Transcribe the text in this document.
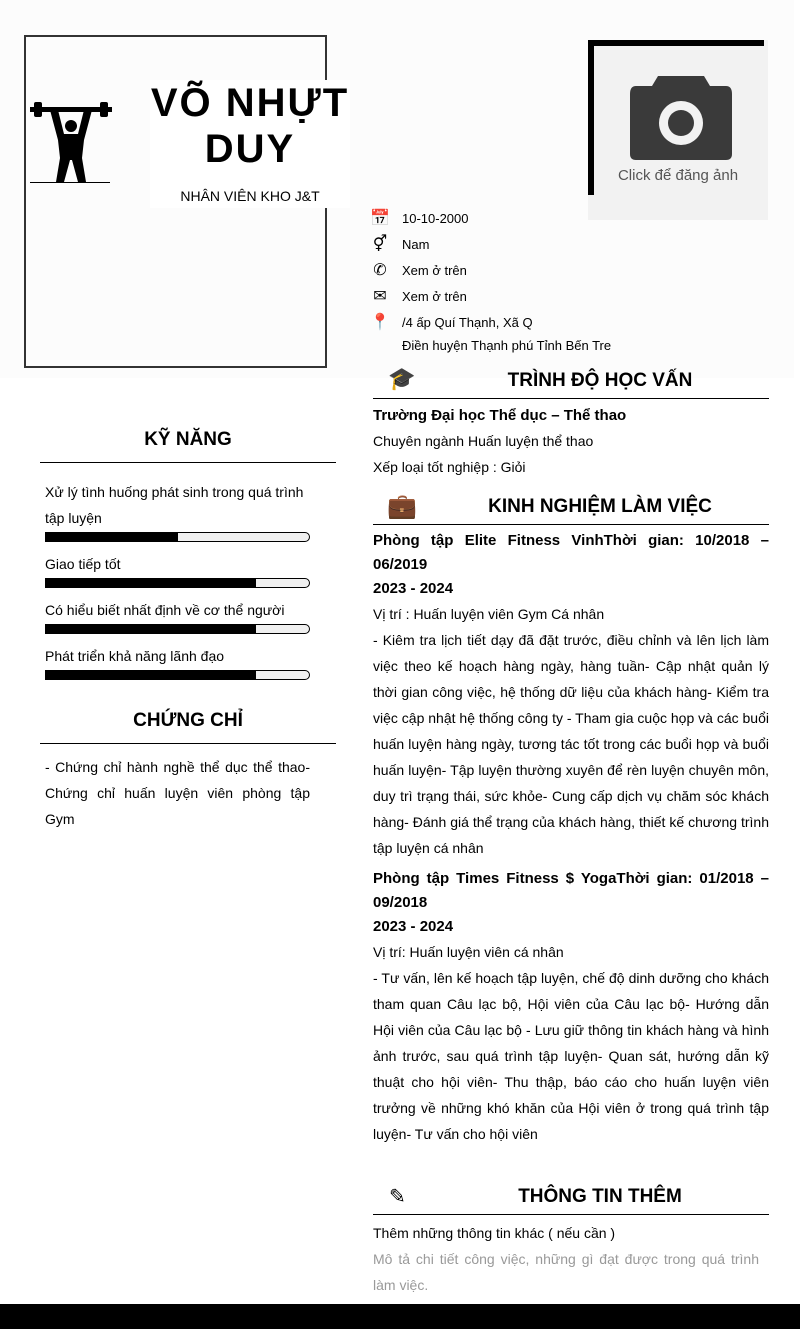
VÕ NHỰT DUY
NHÂN VIÊN KHO J&T
Click để đăng ảnh
📅 10-10-2000
⚥ Nam
✆ Xem ở trên
✉ Xem ở trên
📍 /4 ấp Quí Thạnh, Xã Q
Điền huyện Thạnh phú Tỉnh Bến Tre
🎓	TRÌNH ĐỘ HỌC VẤN
Trường Đại học Thể dục – Thể thao
Chuyên ngành Huấn luyện thể thao
Xếp loại tốt nghiệp : Giỏi
KỸ NĂNG
Xử lý tình huống phát sinh trong quá trình tập luyện
Giao tiếp tốt
Có hiểu biết nhất định về cơ thể người
Phát triển khả năng lãnh đạo
CHỨNG CHỈ
- Chứng chỉ hành nghề thể dục thể thao- Chứng chỉ huấn luyện viên phòng tập Gym
💼	KINH NGHIỆM LÀM VIỆC
Phòng tập Elite Fitness VinhThời gian: 10/2018 – 06/2019
2023 - 2024
Vị trí : Huấn luyện viên Gym Cá nhân
- Kiêm tra lịch tiết dạy đã đặt trước, điều chỉnh và lên lịch làm việc theo kế hoạch hàng ngày, hàng tuần- Cập nhật quản lý thời gian công việc, hệ thống dữ liệu của khách hàng- Kiểm tra việc cập nhật hệ thống công ty - Tham gia cuộc họp và các buổi huấn luyện hàng ngày, tương tác tốt trong các buổi họp và buổi huấn luyện- Tập luyện thường xuyên để rèn luyện chuyên môn, duy trì trạng thái, sức khỏe- Cung cấp dịch vụ chăm sóc khách hàng- Đánh giá thể trạng của khách hàng, thiết kế chương trình tập luyện cá nhân
Phòng tập Times Fitness $ YogaThời gian: 01/2018 – 09/2018
2023 - 2024
Vị trí: Huấn luyện viên cá nhân
- Tư vấn, lên kế hoạch tập luyện, chế độ dinh dưỡng cho khách tham quan Câu lạc bộ, Hội viên của Câu lạc bộ- Hướng dẫn Hội viên của Câu lạc bộ - Lưu giữ thông tin khách hàng và hình ảnh trước, sau quá trình tập luyện- Quan sát, hướng dẫn kỹ thuật cho hội viên- Thu thập, báo cáo cho huấn luyện viên trưởng về những khó khăn của Hội viên ở trong quá trình tập luyện- Tư vấn cho hội viên
✎	THÔNG TIN THÊM
Thêm những thông tin khác ( nếu cần )
Mô tả chi tiết công việc, những gì đạt được trong quá trình làm việc.
